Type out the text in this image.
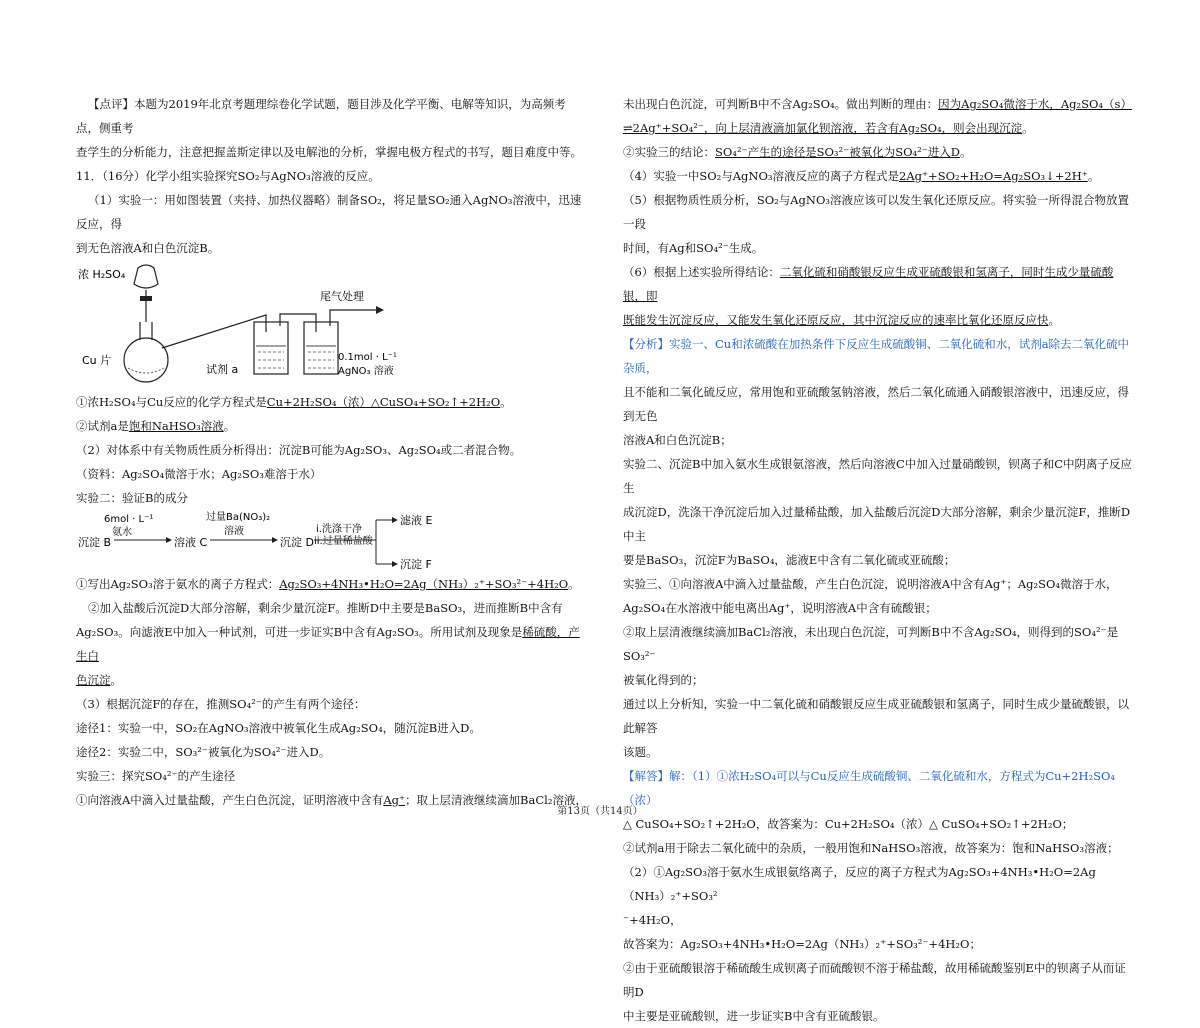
【点评】本题为2019年北京考题理综卷化学试题，题目涉及化学平衡、电解等知识，为高频考点，侧重考

查学生的分析能力，注意把握盖斯定律以及电解池的分析，掌握电极方程式的书写，题目难度中等。

11．（16分）化学小组实验探究SO₂与AgNO₃溶液的反应。

（1）实验一：用如图装置（夹持、加热仪器略）制备SO₂，将足量SO₂通入AgNO₃溶液中，迅速反应，得

到无色溶液A和白色沉淀B。

浓 H₂SO₄
Cu 片
试剂 a
尾气处理
0.1mol · L⁻¹
AgNO₃ 溶液

①浓H₂SO₄与Cu反应的化学方程式是Cu+2H₂SO₄（浓）△CuSO₄+SO₂↑+2H₂O。

②试剂a是饱和NaHSO₃溶液。

（2）对体系中有关物质性质分析得出：沉淀B可能为Ag₂SO₃、Ag₂SO₄或二者混合物。

（资料：Ag₂SO₄微溶于水；Ag₂SO₃难溶于水）

实验二：验证B的成分

6mol · L⁻¹
氨水
沉淀 B	溶液 C
过量Ba(NO₃)₂
溶液
沉淀 D
i.洗涤干净
ii.过量稀盐酸
滤液 E
沉淀 F

①写出Ag₂SO₃溶于氨水的离子方程式：Ag₂SO₃+4NH₃•H₂O=2Ag（NH₃）₂⁺+SO₃²⁻+4H₂O。

②加入盐酸后沉淀D大部分溶解，剩余少量沉淀F。推断D中主要是BaSO₃，进而推断B中含有

Ag₂SO₃。向滤液E中加入一种试剂，可进一步证实B中含有Ag₂SO₃。所用试剂及现象是稀硫酸，产生白

色沉淀。

（3）根据沉淀F的存在，推测SO₄²⁻的产生有两个途径：

途径1：实验一中，SO₂在AgNO₃溶液中被氧化生成Ag₂SO₄，随沉淀B进入D。

途径2：实验二中，SO₃²⁻被氧化为SO₄²⁻进入D。

实验三：探究SO₄²⁻的产生途径

①向溶液A中滴入过量盐酸，产生白色沉淀，证明溶液中含有Ag⁺；取上层清液继续滴加BaCl₂溶液，

未出现白色沉淀，可判断B中不含Ag₂SO₄。做出判断的理由：因为Ag₂SO₄微溶于水，Ag₂SO₄（s）

⇌2Ag⁺+SO₄²⁻，向上层清液滴加氯化钡溶液，若含有Ag₂SO₄，则会出现沉淀。

②实验三的结论：SO₄²⁻产生的途径是SO₃²⁻被氧化为SO₄²⁻进入D。

（4）实验一中SO₂与AgNO₃溶液反应的离子方程式是2Ag⁺+SO₂+H₂O=Ag₂SO₃↓+2H⁺。

（5）根据物质性质分析，SO₂与AgNO₃溶液应该可以发生氧化还原反应。将实验一所得混合物放置一段

时间，有Ag和SO₄²⁻生成。

（6）根据上述实验所得结论：二氧化硫和硝酸银反应生成亚硫酸银和氢离子，同时生成少量硫酸银，即

既能发生沉淀反应，又能发生氧化还原反应，其中沉淀反应的速率比氧化还原反应快。

【分析】实验一、Cu和浓硫酸在加热条件下反应生成硫酸铜、二氧化硫和水，试剂a除去二氧化硫中杂质，

且不能和二氧化硫反应，常用饱和亚硫酸氢钠溶液，然后二氧化硫通入硝酸银溶液中，迅速反应，得到无色

溶液A和白色沉淀B；

实验二、沉淀B中加入氨水生成银氨溶液，然后向溶液C中加入过量硝酸钡，钡离子和C中阴离子反应生

成沉淀D，洗涤干净沉淀后加入过量稀盐酸，加入盐酸后沉淀D大部分溶解，剩余少量沉淀F，推断D中主

要是BaSO₃，沉淀F为BaSO₄，滤液E中含有二氧化硫或亚硫酸；

实验三、①向溶液A中滴入过量盐酸，产生白色沉淀，说明溶液A中含有Ag⁺；Ag₂SO₄微溶于水，

Ag₂SO₄在水溶液中能电离出Ag⁺，说明溶液A中含有硫酸银；

②取上层清液继续滴加BaCl₂溶液，未出现白色沉淀，可判断B中不含Ag₂SO₄，则得到的SO₄²⁻是SO₃²⁻

被氧化得到的；

通过以上分析知，实验一中二氧化硫和硝酸银反应生成亚硫酸银和氢离子，同时生成少量硫酸银，以此解答

该题。

【解答】解：（1）①浓H₂SO₄可以与Cu反应生成硫酸铜、二氧化硫和水，方程式为Cu+2H₂SO₄（浓）

△ CuSO₄+SO₂↑+2H₂O，故答案为：Cu+2H₂SO₄（浓）△ CuSO₄+SO₂↑+2H₂O；

②试剂a用于除去二氧化硫中的杂质，一般用饱和NaHSO₃溶液，故答案为：饱和NaHSO₃溶液；

（2）①Ag₂SO₃溶于氨水生成银氨络离子，反应的离子方程式为Ag₂SO₃+4NH₃•H₂O=2Ag（NH₃）₂⁺+SO₃²

⁻+4H₂O，

故答案为：Ag₂SO₃+4NH₃•H₂O=2Ag（NH₃）₂⁺+SO₃²⁻+4H₂O；

②由于亚硫酸银溶于稀硫酸生成钡离子而硫酸钡不溶于稀盐酸，故用稀硫酸鉴别E中的钡离子从而证明D

中主要是亚硫酸钡，进一步证实B中含有亚硫酸银。

第13页（共14页）
